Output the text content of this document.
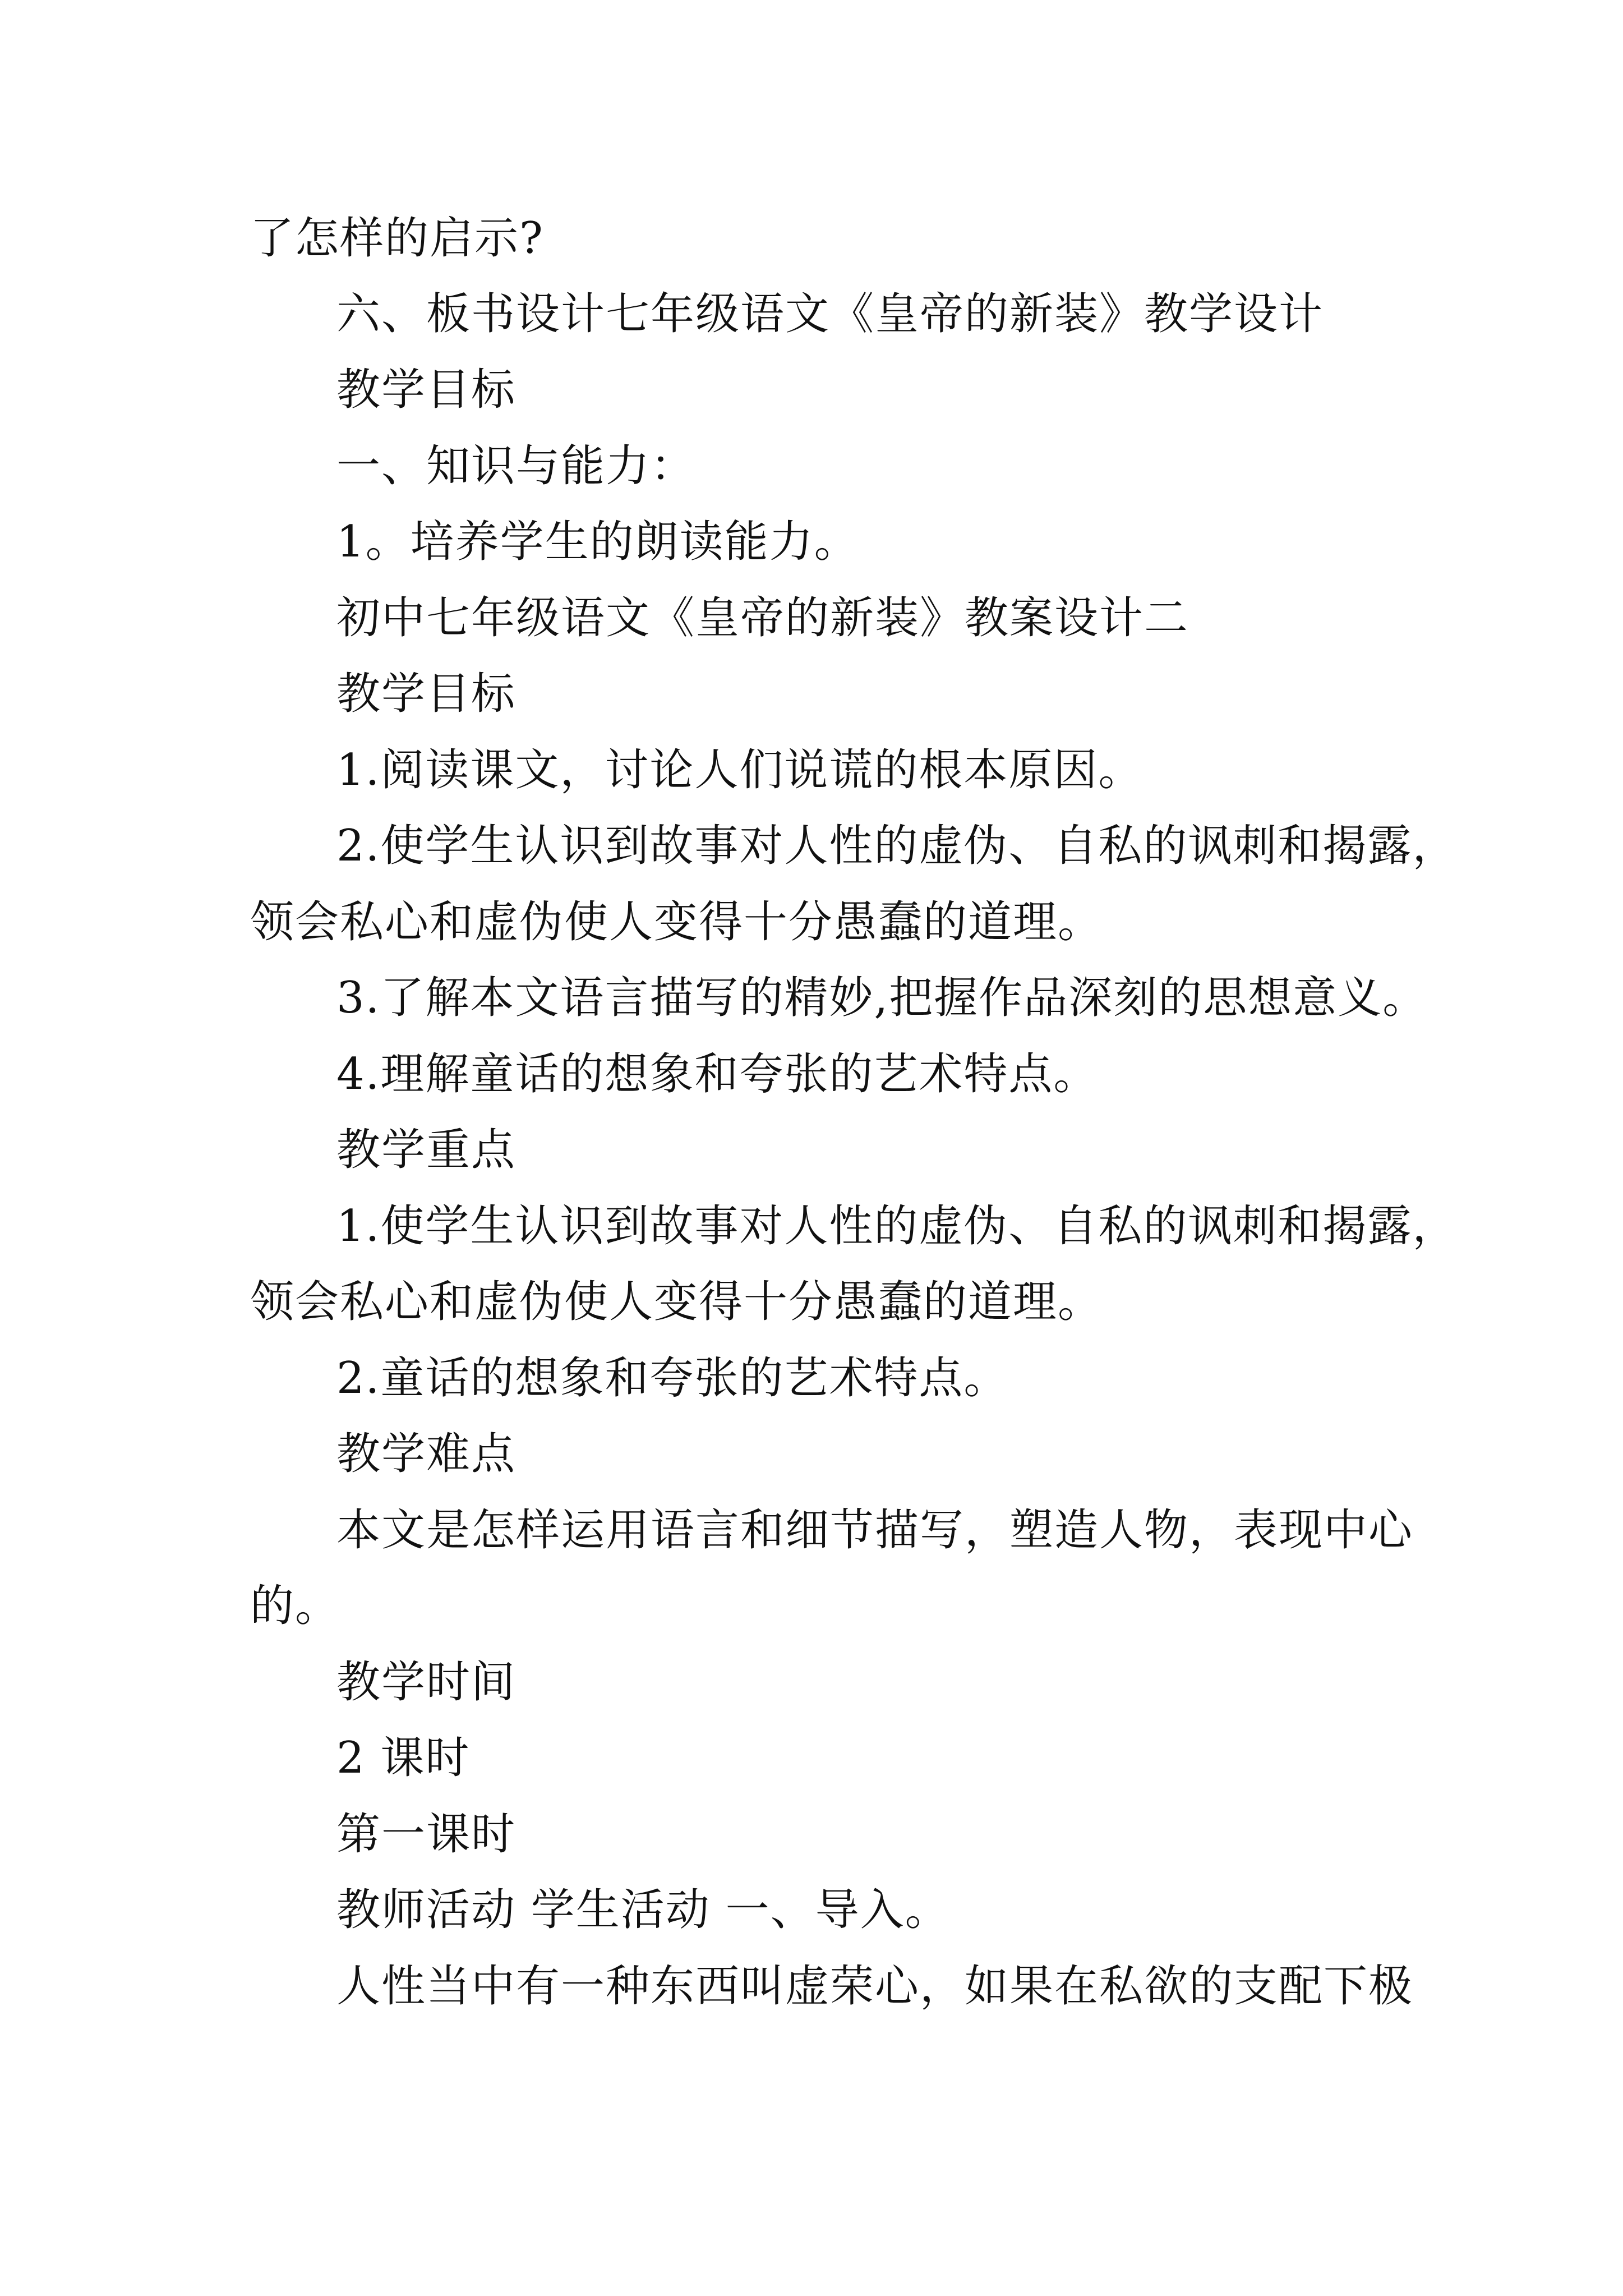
了怎样的启示?
六、板书设计七年级语文《皇帝的新装》教学设计
教学目标
一、知识与能力：
1。培养学生的朗读能力。
初中七年级语文《皇帝的新装》教案设计二
教学目标
1.阅读课文，讨论人们说谎的根本原因。
2.使学生认识到故事对人性的虚伪、自私的讽刺和揭露，
领会私心和虚伪使人变得十分愚蠢的道理。
3.了解本文语言描写的精妙,把握作品深刻的思想意义。
4.理解童话的想象和夸张的艺术特点。
教学重点
1.使学生认识到故事对人性的虚伪、自私的讽刺和揭露，
领会私心和虚伪使人变得十分愚蠢的道理。
2.童话的想象和夸张的艺术特点。
教学难点
本文是怎样运用语言和细节描写，塑造人物，表现中心
的。
教学时间
2 课时
第一课时
教师活动 学生活动 一、导入。
人性当中有一种东西叫虚荣心，如果在私欲的支配下极
